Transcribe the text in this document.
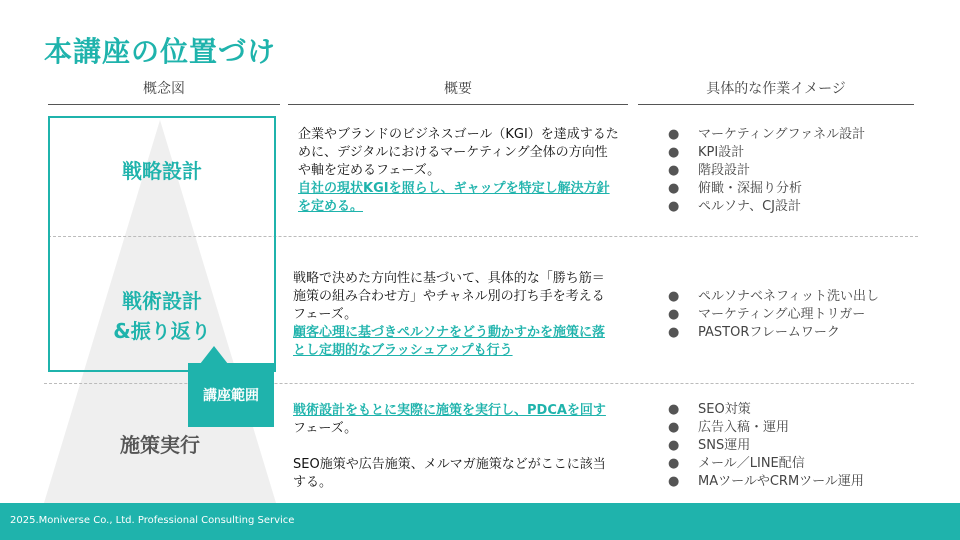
本講座の位置づけ
概念図	概要	具体的な作業イメージ
戦略設計
戦術設計
&振り返り
施策実行
講座範囲
企業やブランドのビジネスゴール（KGI）を達成するために、デジタルにおけるマーケティング全体の方向性や軸を定めるフェーズ。
自社の現状KGIを照らし、ギャップを特定し解決方針を定める。
戦略で決めた方向性に基づいて、具体的な「勝ち筋＝施策の組み合わせ方」やチャネル別の打ち手を考えるフェーズ。
顧客心理に基づきペルソナをどう動かすかを施策に落とし定期的なブラッシュアップも行う
戦術設計をもとに実際に施策を実行し、PDCAを回すフェーズ。

SEO施策や広告施策、メルマガ施策などがここに該当する。
● マーケティングファネル設計
● KPI設計
● 階段設計
● 俯瞰・深掘り分析
● ペルソナ、CJ設計
● ペルソナベネフィット洗い出し
● マーケティング心理トリガー
● PASTORフレームワーク
● SEO対策
● 広告入稿・運用
● SNS運用
● メール／LINE配信
● MAツールやCRMツール運用
2025.Moniverse Co., Ltd. Professional Consulting Service
